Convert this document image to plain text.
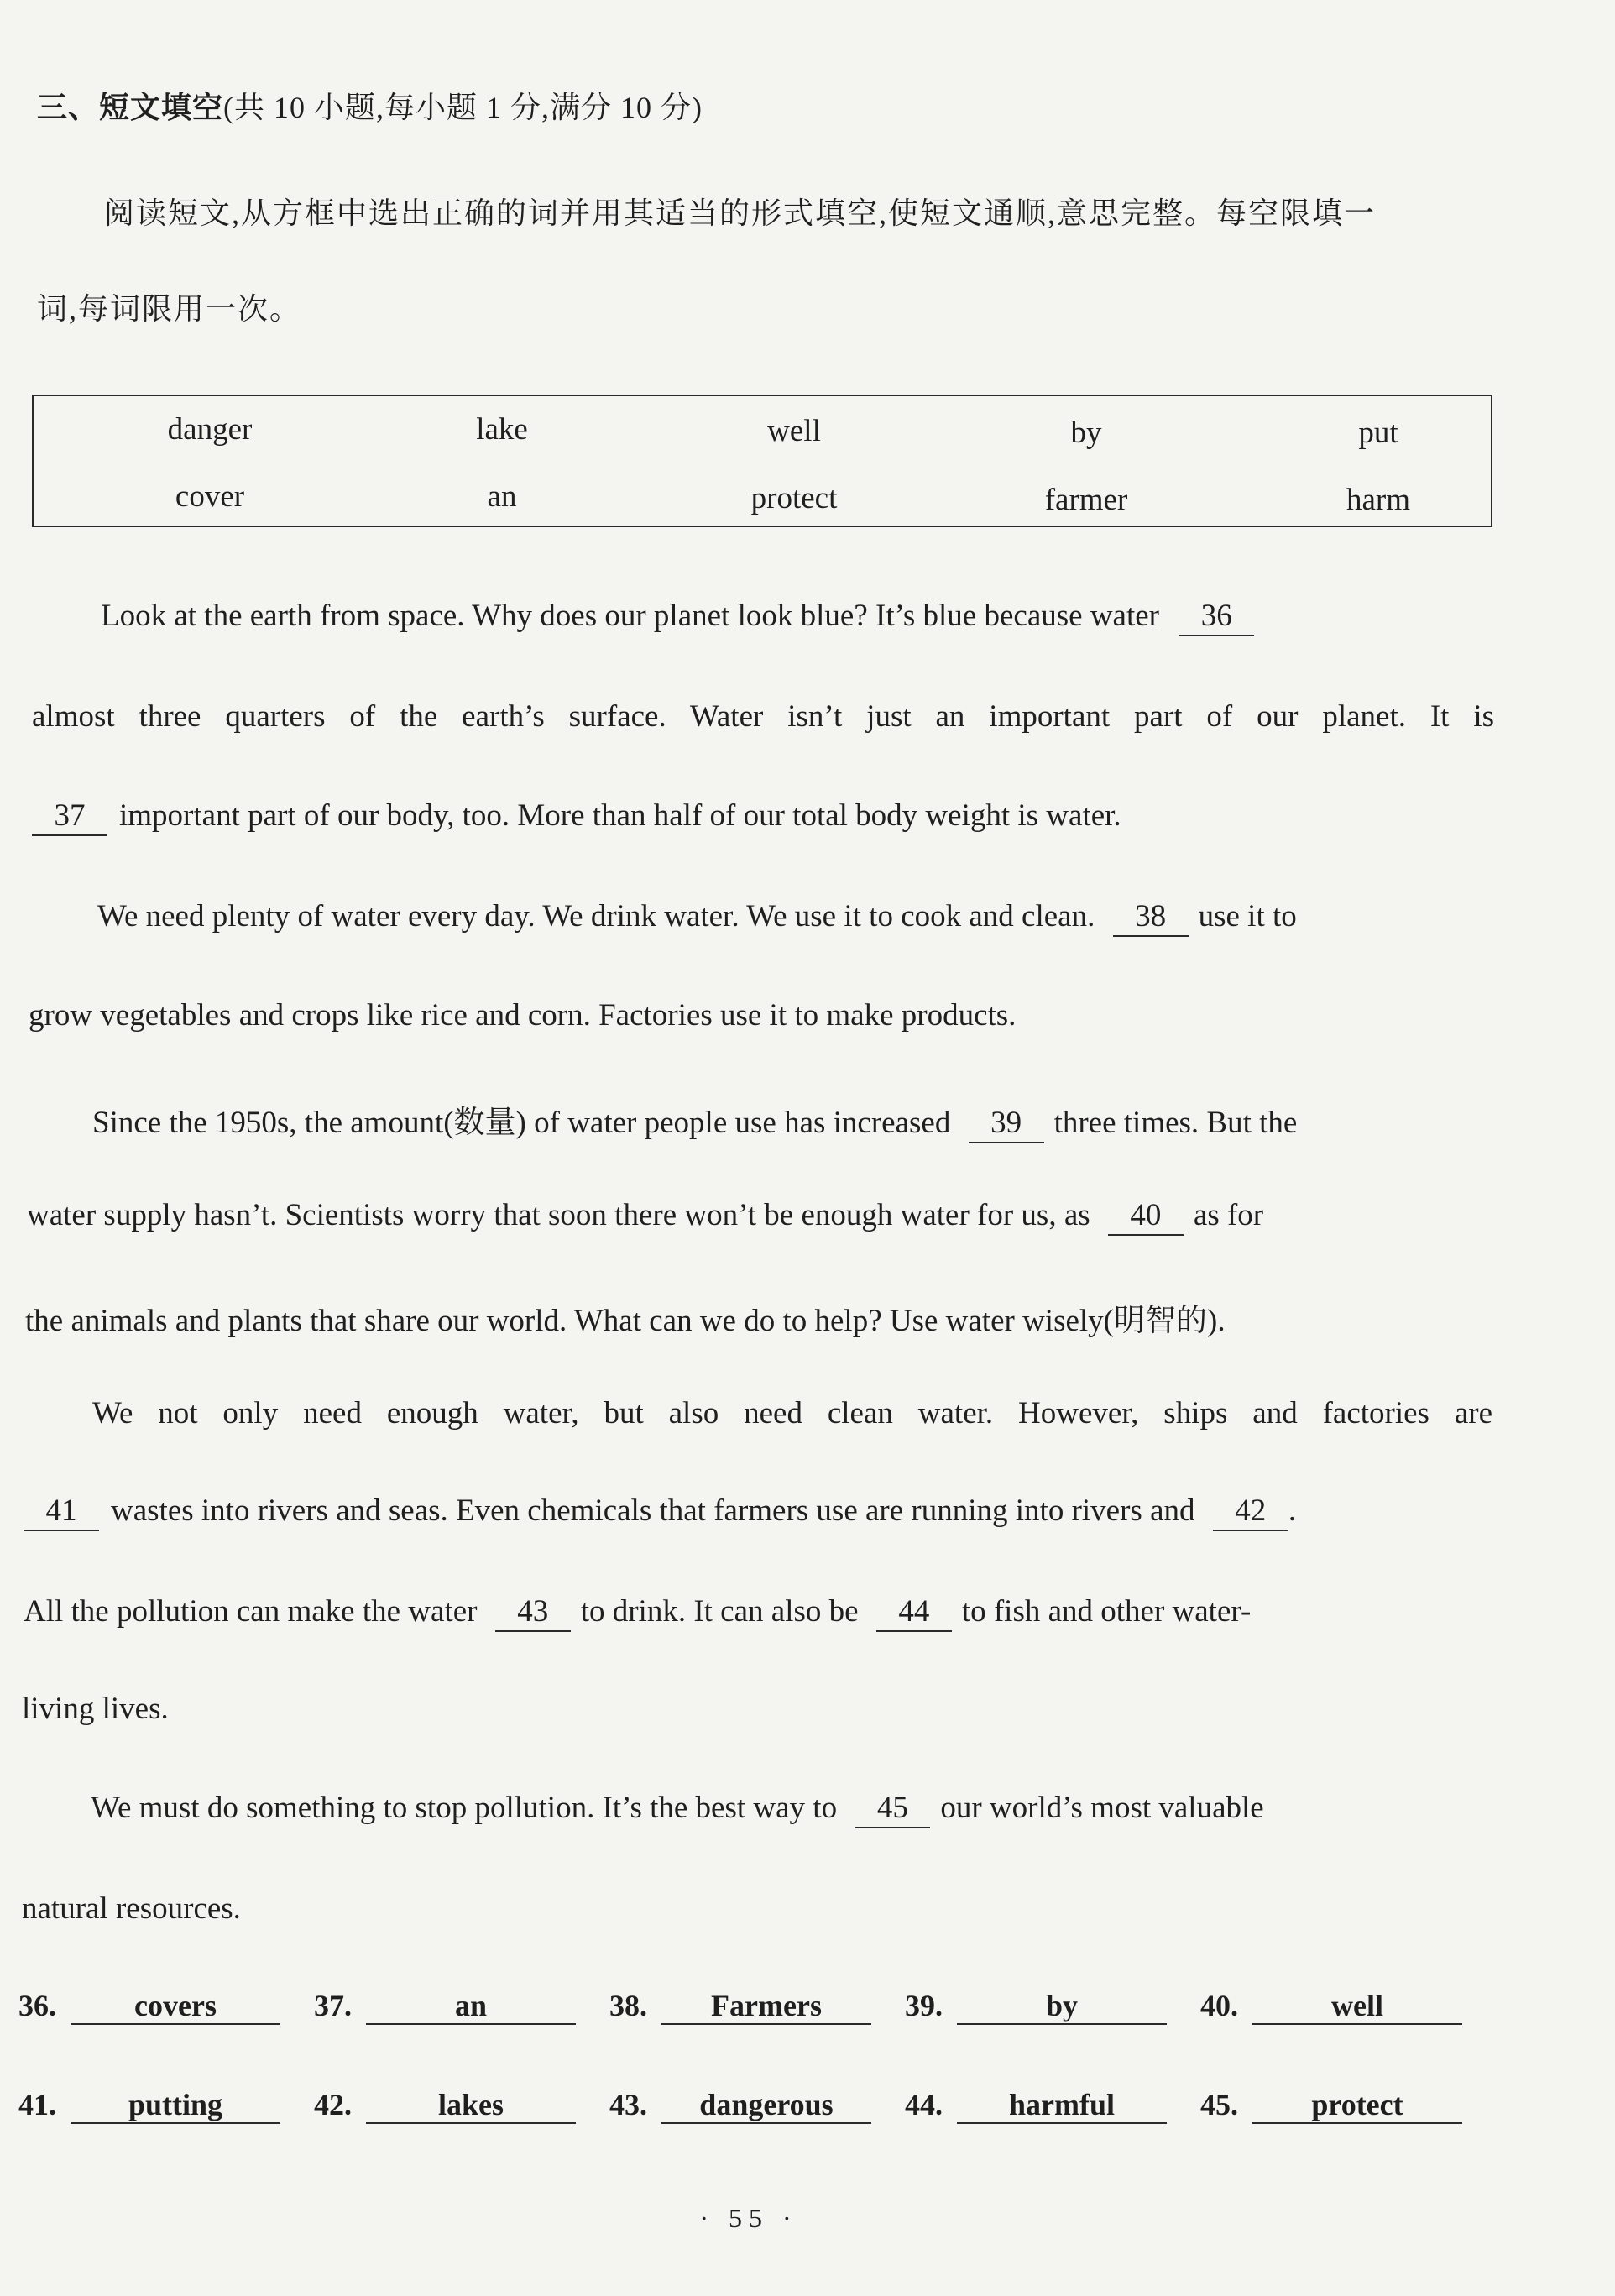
三、短文填空(共 10 小题,每小题 1 分,满分 10 分)
阅读短文,从方框中选出正确的词并用其适当的形式填空,使短文通顺,意思完整。每空限填一
词,每词限用一次。
danger	lake	well	by	put
cover	an	protect	farmer	harm
Look at the earth from space. Why does our planet look blue? It’s blue because water 36
almost three quarters of the earth’s surface. Water isn’t just an important part of our planet. It is
37 important part of our body, too. More than half of our total body weight is water.
We need plenty of water every day. We drink water. We use it to cook and clean. 38 use it to
grow vegetables and crops like rice and corn. Factories use it to make products.
Since the 1950s, the amount(数量) of water people use has increased 39 three times. But the
water supply hasn’t. Scientists worry that soon there won’t be enough water for us, as 40 as for
the animals and plants that share our world. What can we do to help? Use water wisely(明智的).
We not only need enough water, but also need clean water. However, ships and factories are
41 wastes into rivers and seas. Even chemicals that farmers use are running into rivers and 42 .
All the pollution can make the water 43 to drink. It can also be 44 to fish and other water-
living lives.
We must do something to stop pollution. It’s the best way to 45 our world’s most valuable
natural resources.
36.	covers	37.	an	38.	Farmers	39.	by	40.	well
41.	putting	42.	lakes	43.	dangerous	44.	harmful	45.	protect
· 55 ·
